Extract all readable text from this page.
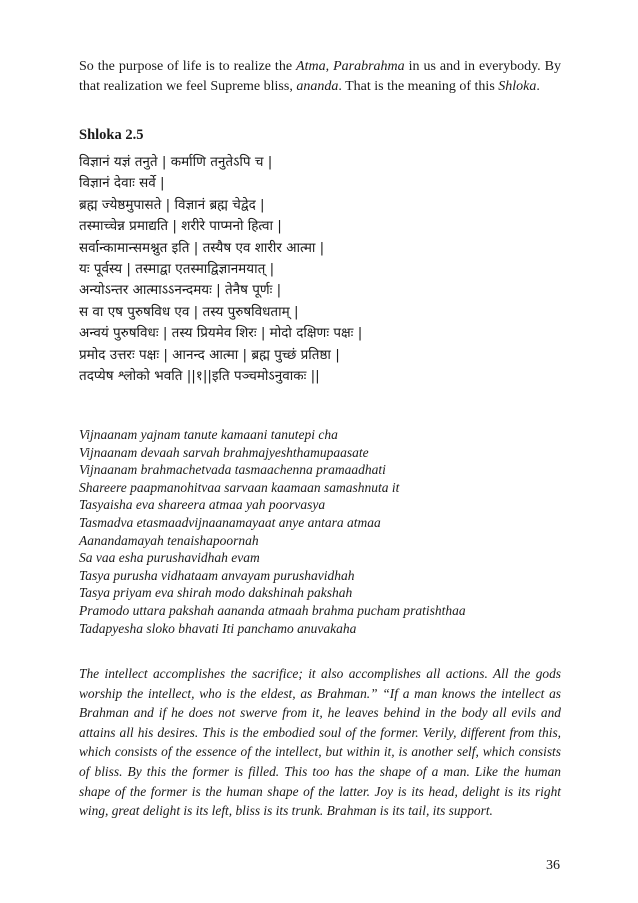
So the purpose of life is to realize the Atma, Parabrahma in us and in everybody. By that realization we feel Supreme bliss, ananda. That is the meaning of this Shloka.

Shloka 2.5
विज्ञानं यज्ञं तनुते | कर्माणि तनुतेऽपि च |
विज्ञानं देवाः सर्वे |
ब्रह्म ज्येष्ठमुपासते | विज्ञानं ब्रह्म चेद्वेद |
तस्माच्चेन्न प्रमाद्यति | शरीरे पाप्मनो हित्वा |
सर्वान्कामान्समश्नुत इति | तस्यैष एव शारीर आत्मा |
यः पूर्वस्य | तस्माद्वा एतस्माद्विज्ञानमयात् |
अन्योऽन्तर आत्माऽऽनन्दमयः | तेनैष पूर्णः |
स वा एष पुरुषविध एव | तस्य पुरुषविधताम् |
अन्वयं पुरुषविधः | तस्य प्रियमेव शिरः | मोदो दक्षिणः पक्षः |
प्रमोद उत्तरः पक्षः | आनन्द आत्मा | ब्रह्म पुच्छं प्रतिष्ठा |
तदप्येष श्लोको भवति ||१||इति पञ्चमोऽनुवाकः ||
Vijnaanam yajnam tanute kamaani tanutepi cha
Vijnaanam devaah sarvah brahmajyeshthamupaasate
Vijnaanam brahmachetvada tasmaachenna pramaadhati
Shareere paapmanohitvaa sarvaan kaamaan samashnuta it
Tasyaisha eva shareera atmaa yah poorvasya
Tasmadva etasmaadvijnaanamayaat anye antara atmaa
Aanandamayah tenaishapoornah
Sa vaa esha purushavidhah evam
Tasya purusha vidhataam anvayam purushavidhah
Tasya priyam eva shirah modo dakshinah pakshah
Pramodo uttara pakshah aananda atmaah brahma pucham pratishthaa
Tadapyesha sloko bhavati Iti panchamo anuvakaha

The intellect accomplishes the sacrifice; it also accomplishes all actions. All the gods worship the intellect, who is the eldest, as Brahman.” “If a man knows the intellect as Brahman and if he does not swerve from it, he leaves behind in the body all evils and attains all his desires. This is the embodied soul of the former. Verily, different from this, which consists of the essence of the intellect, but within it, is another self, which consists of bliss. By this the former is filled. This too has the shape of a man. Like the human shape of the former is the human shape of the latter. Joy is its head, delight is its right wing, great delight is its left, bliss is its trunk. Brahman is its tail, its support.

36
